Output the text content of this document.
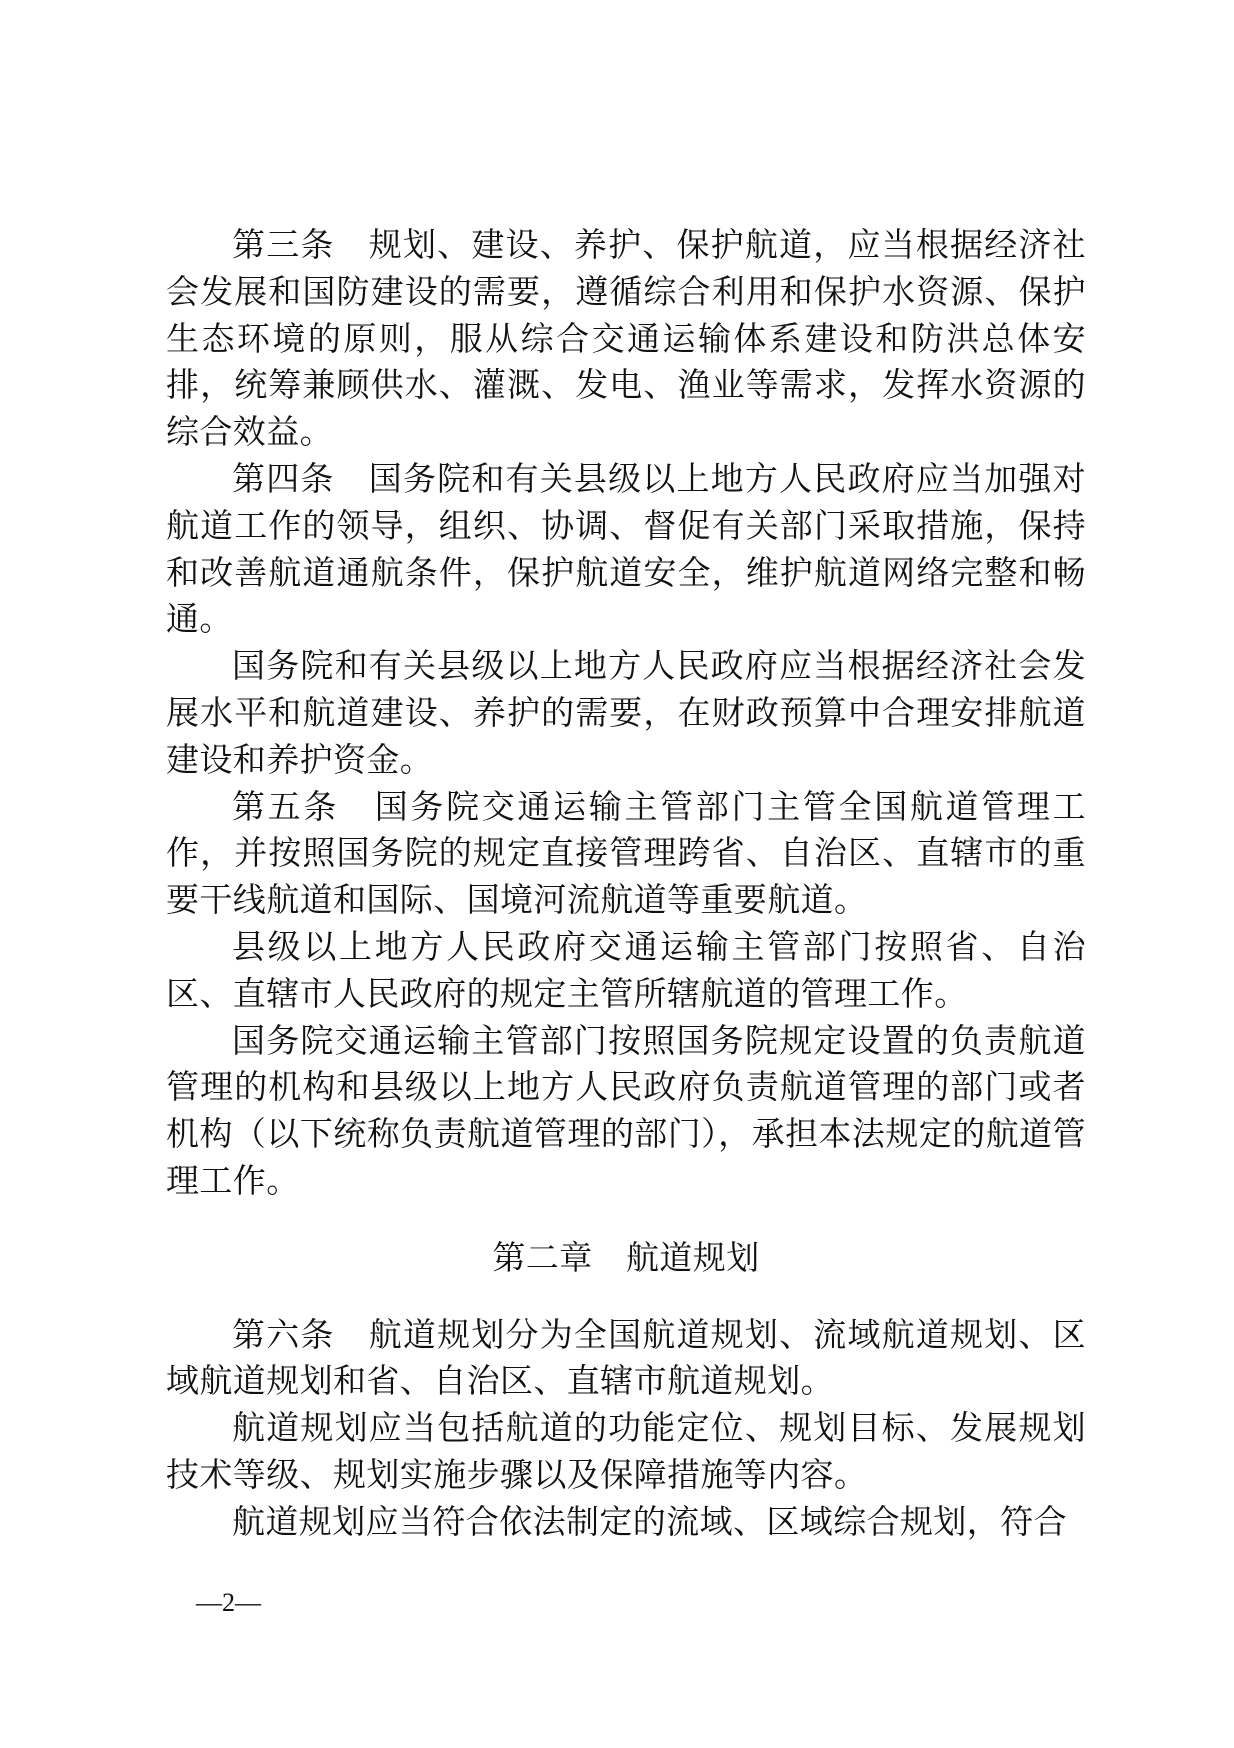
第三条　规划、建设、养护、保护航道，应当根据经济社会发展和国防建设的需要，遵循综合利用和保护水资源、保护生态环境的原则，服从综合交通运输体系建设和防洪总体安排，统筹兼顾供水、灌溉、发电、渔业等需求，发挥水资源的综合效益。

第四条　国务院和有关县级以上地方人民政府应当加强对航道工作的领导，组织、协调、督促有关部门采取措施，保持和改善航道通航条件，保护航道安全，维护航道网络完整和畅通。

国务院和有关县级以上地方人民政府应当根据经济社会发展水平和航道建设、养护的需要，在财政预算中合理安排航道建设和养护资金。

第五条　国务院交通运输主管部门主管全国航道管理工作，并按照国务院的规定直接管理跨省、自治区、直辖市的重要干线航道和国际、国境河流航道等重要航道。

县级以上地方人民政府交通运输主管部门按照省、自治区、直辖市人民政府的规定主管所辖航道的管理工作。

国务院交通运输主管部门按照国务院规定设置的负责航道管理的机构和县级以上地方人民政府负责航道管理的部门或者机构（以下统称负责航道管理的部门），承担本法规定的航道管理工作。

第二章　航道规划

第六条　航道规划分为全国航道规划、流域航道规划、区域航道规划和省、自治区、直辖市航道规划。

航道规划应当包括航道的功能定位、规划目标、发展规划技术等级、规划实施步骤以及保障措施等内容。

航道规划应当符合依法制定的流域、区域综合规划，符合

—2—
